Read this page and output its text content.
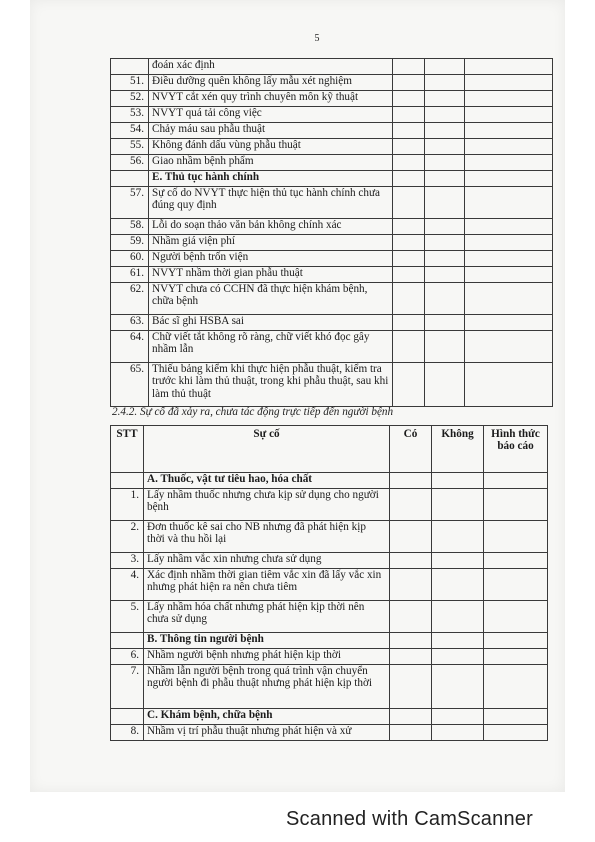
5
	đoán xác định			
51.	Điều dưỡng quên không lấy mẫu xét nghiệm			
52.	NVYT cắt xén quy trình chuyên môn kỹ thuật			
53.	NVYT quá tải công việc			
54.	Chảy máu sau phẫu thuật			
55.	Không đánh dấu vùng phẫu thuật			
56.	Giao nhầm bệnh phẩm			
	E. Thủ tục hành chính			
57.	Sự cố do NVYT thực hiện thủ tục hành chính chưa đúng quy định			
58.	Lỗi do soạn thảo văn bản không chính xác			
59.	Nhầm giá viện phí			
60.	Người bệnh trốn viện			
61.	NVYT nhầm thời gian phẫu thuật			
62.	NVYT chưa có CCHN đã thực hiện khám bệnh, chữa bệnh			
63.	Bác sĩ ghi HSBA sai			
64.	Chữ viết tắt không rõ ràng, chữ viết khó đọc gây nhầm lẫn			
65.	Thiếu bảng kiểm khi thực hiện phẫu thuật, kiểm tra trước khi làm thủ thuật, trong khi phẫu thuật, sau khi làm thủ thuật			
2.4.2. Sự cố đã xảy ra, chưa tác động trực tiếp đến người bệnh
STT	Sự cố	Có	Không	Hình thức báo cáo
	A. Thuốc, vật tư tiêu hao, hóa chất			
1.	Lấy nhầm thuốc nhưng chưa kịp sử dụng cho người bệnh			
2.	Đơn thuốc kê sai cho NB nhưng đã phát hiện kịp thời và thu hồi lại			
3.	Lấy nhầm vắc xin nhưng chưa sử dụng			
4.	Xác định nhầm thời gian tiêm vắc xin đã lấy vắc xin nhưng phát hiện ra nên chưa tiêm			
5.	Lấy nhầm hóa chất nhưng phát hiện kịp thời nên chưa sử dụng			
	B. Thông tin người bệnh			
6.	Nhầm người bệnh nhưng phát hiện kịp thời			
7.	Nhầm lẫn người bệnh trong quá trình vận chuyển người bệnh đi phẫu thuật nhưng phát hiện kịp thời			
	C. Khám bệnh, chữa bệnh			
8.	Nhầm vị trí phẫu thuật nhưng phát hiện và xử			
Scanned with CamScanner
